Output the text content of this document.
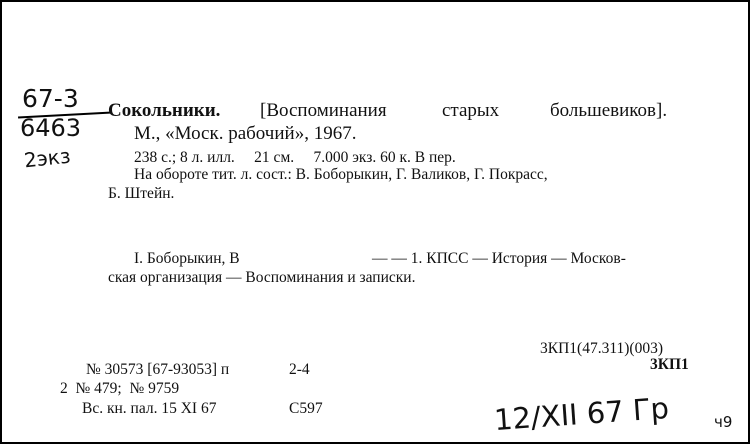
67-3
6463
2экз
Сокольники. [Воспоминания	старых	большевиков].
М., «Моск. рабочий», 1967.
238 с.; 8 л. илл.     21 см.     7.000 экз. 60 к. В пер.
На обороте тит. л. сост.: В. Боборыкин, Г. Валиков, Г. Покрасс,
Б. Штейн.
I. Боборыкин, В	— — 1. КПСС — История — Москов-
ская организация — Воспоминания и записки.
3КП1(47.311)(003)
3КП1
№ 30573 [67-93053] п	2-4
2  № 479;  № 9759
Вс. кн. пал. 15 XI 67	С597	12/XII 67 Гр	ч9
